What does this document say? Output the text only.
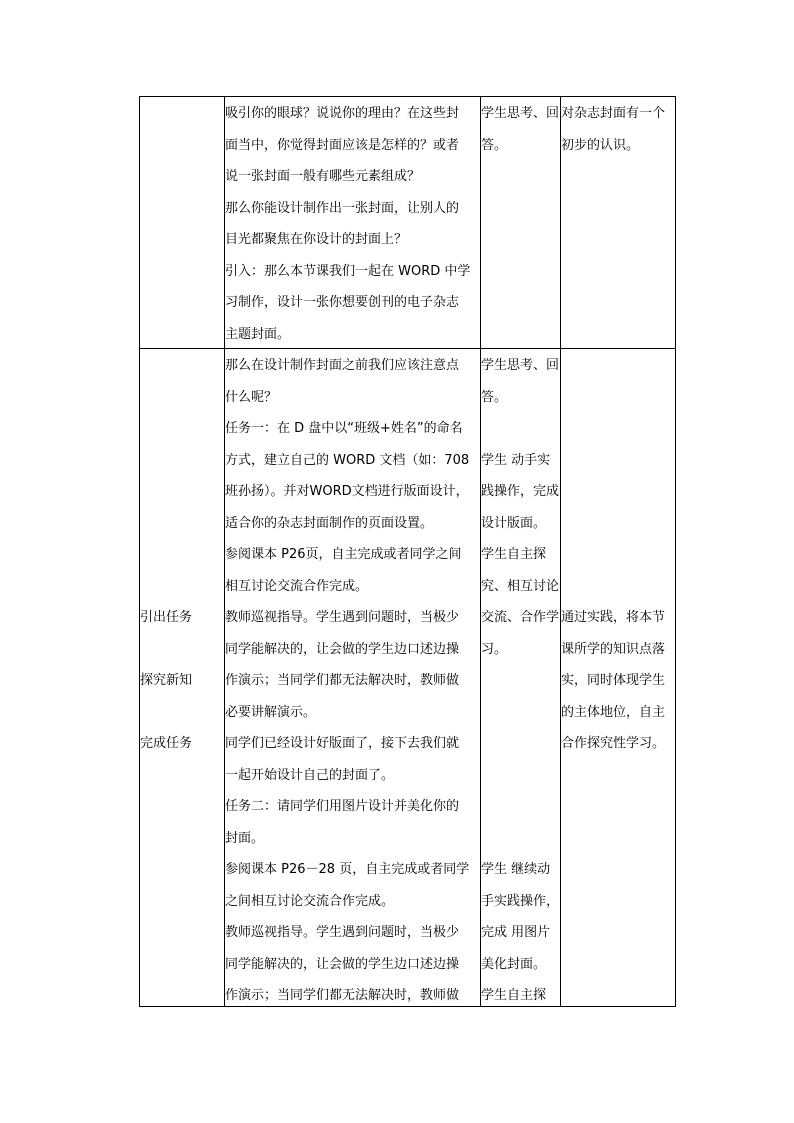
吸引你的眼球？说说你的理由？在这些封
面当中，你觉得封面应该是怎样的？或者
说一张封面一般有哪些元素组成？
那么你能设计制作出一张封面，让别人的
目光都聚焦在你设计的封面上？
引入：那么本节课我们一起在 WORD 中学
习制作，设计一张你想要创刊的电子杂志
主题封面。
学生思考、回
答。
对杂志封面有一个
初步的认识。
引出任务
探究新知
完成任务
那么在设计制作封面之前我们应该注意点
什么呢？
任务一：在 D 盘中以“班级+姓名”的命名
方式，建立自己的 WORD 文档（如：708
班孙扬）。并对WORD文档进行版面设计，
适合你的杂志封面制作的页面设置。
参阅课本 P26页，自主完成或者同学之间
相互讨论交流合作完成。
教师巡视指导。学生遇到问题时，当极少
同学能解决的，让会做的学生边口述边操
作演示；当同学们都无法解决时，教师做
必要讲解演示。
同学们已经设计好版面了，接下去我们就
一起开始设计自己的封面了。
任务二：请同学们用图片设计并美化你的
封面。
参阅课本 P26－28 页，自主完成或者同学
之间相互讨论交流合作完成。
教师巡视指导。学生遇到问题时，当极少
同学能解决的，让会做的学生边口述边操
作演示；当同学们都无法解决时，教师做
学生思考、回
答。
学生 动手实
践操作，完成
设计版面。
学生自主探
究、相互讨论
交流、合作学
习。
学生 继续动
手实践操作，
完成 用图片
美化封面。
学生自主探
通过实践，将本节
课所学的知识点落
实，同时体现学生
的主体地位，自主
合作探究性学习。
